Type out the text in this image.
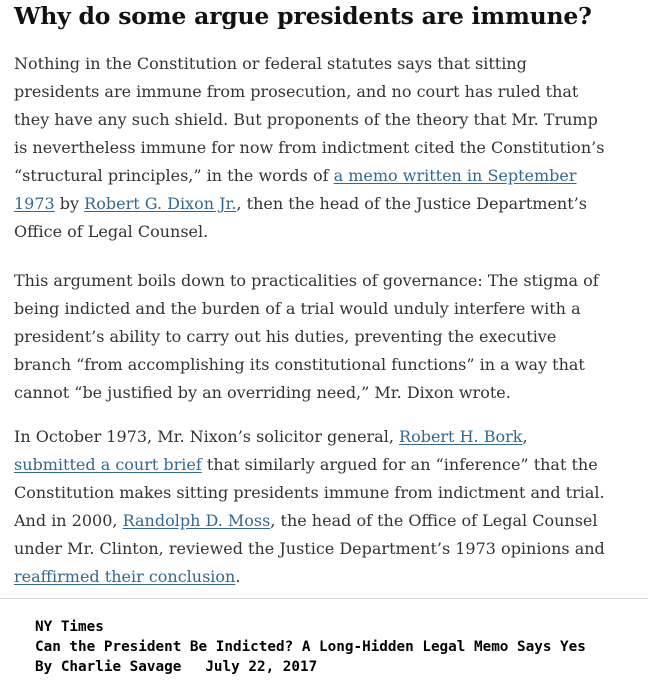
Why do some argue presidents are immune?

Nothing in the Constitution or federal statutes says that sitting presidents are immune from prosecution, and no court has ruled that they have any such shield. But proponents of the theory that Mr. Trump is nevertheless immune for now from indictment cited the Constitution’s “structural principles,” in the words of a memo written in September 1973 by Robert G. Dixon Jr., then the head of the Justice Department’s Office of Legal Counsel.

This argument boils down to practicalities of governance: The stigma of being indicted and the burden of a trial would unduly interfere with a president’s ability to carry out his duties, preventing the executive branch “from accomplishing its constitutional functions” in a way that cannot “be justified by an overriding need,” Mr. Dixon wrote.

In October 1973, Mr. Nixon’s solicitor general, Robert H. Bork, submitted a court brief that similarly argued for an “inference” that the Constitution makes sitting presidents immune from indictment and trial. And in 2000, Randolph D. Moss, the head of the Office of Legal Counsel under Mr. Clinton, reviewed the Justice Department’s 1973 opinions and reaffirmed their conclusion.

NY Times
Can the President Be Indicted? A Long-Hidden Legal Memo Says Yes
By Charlie Savage July 22, 2017
